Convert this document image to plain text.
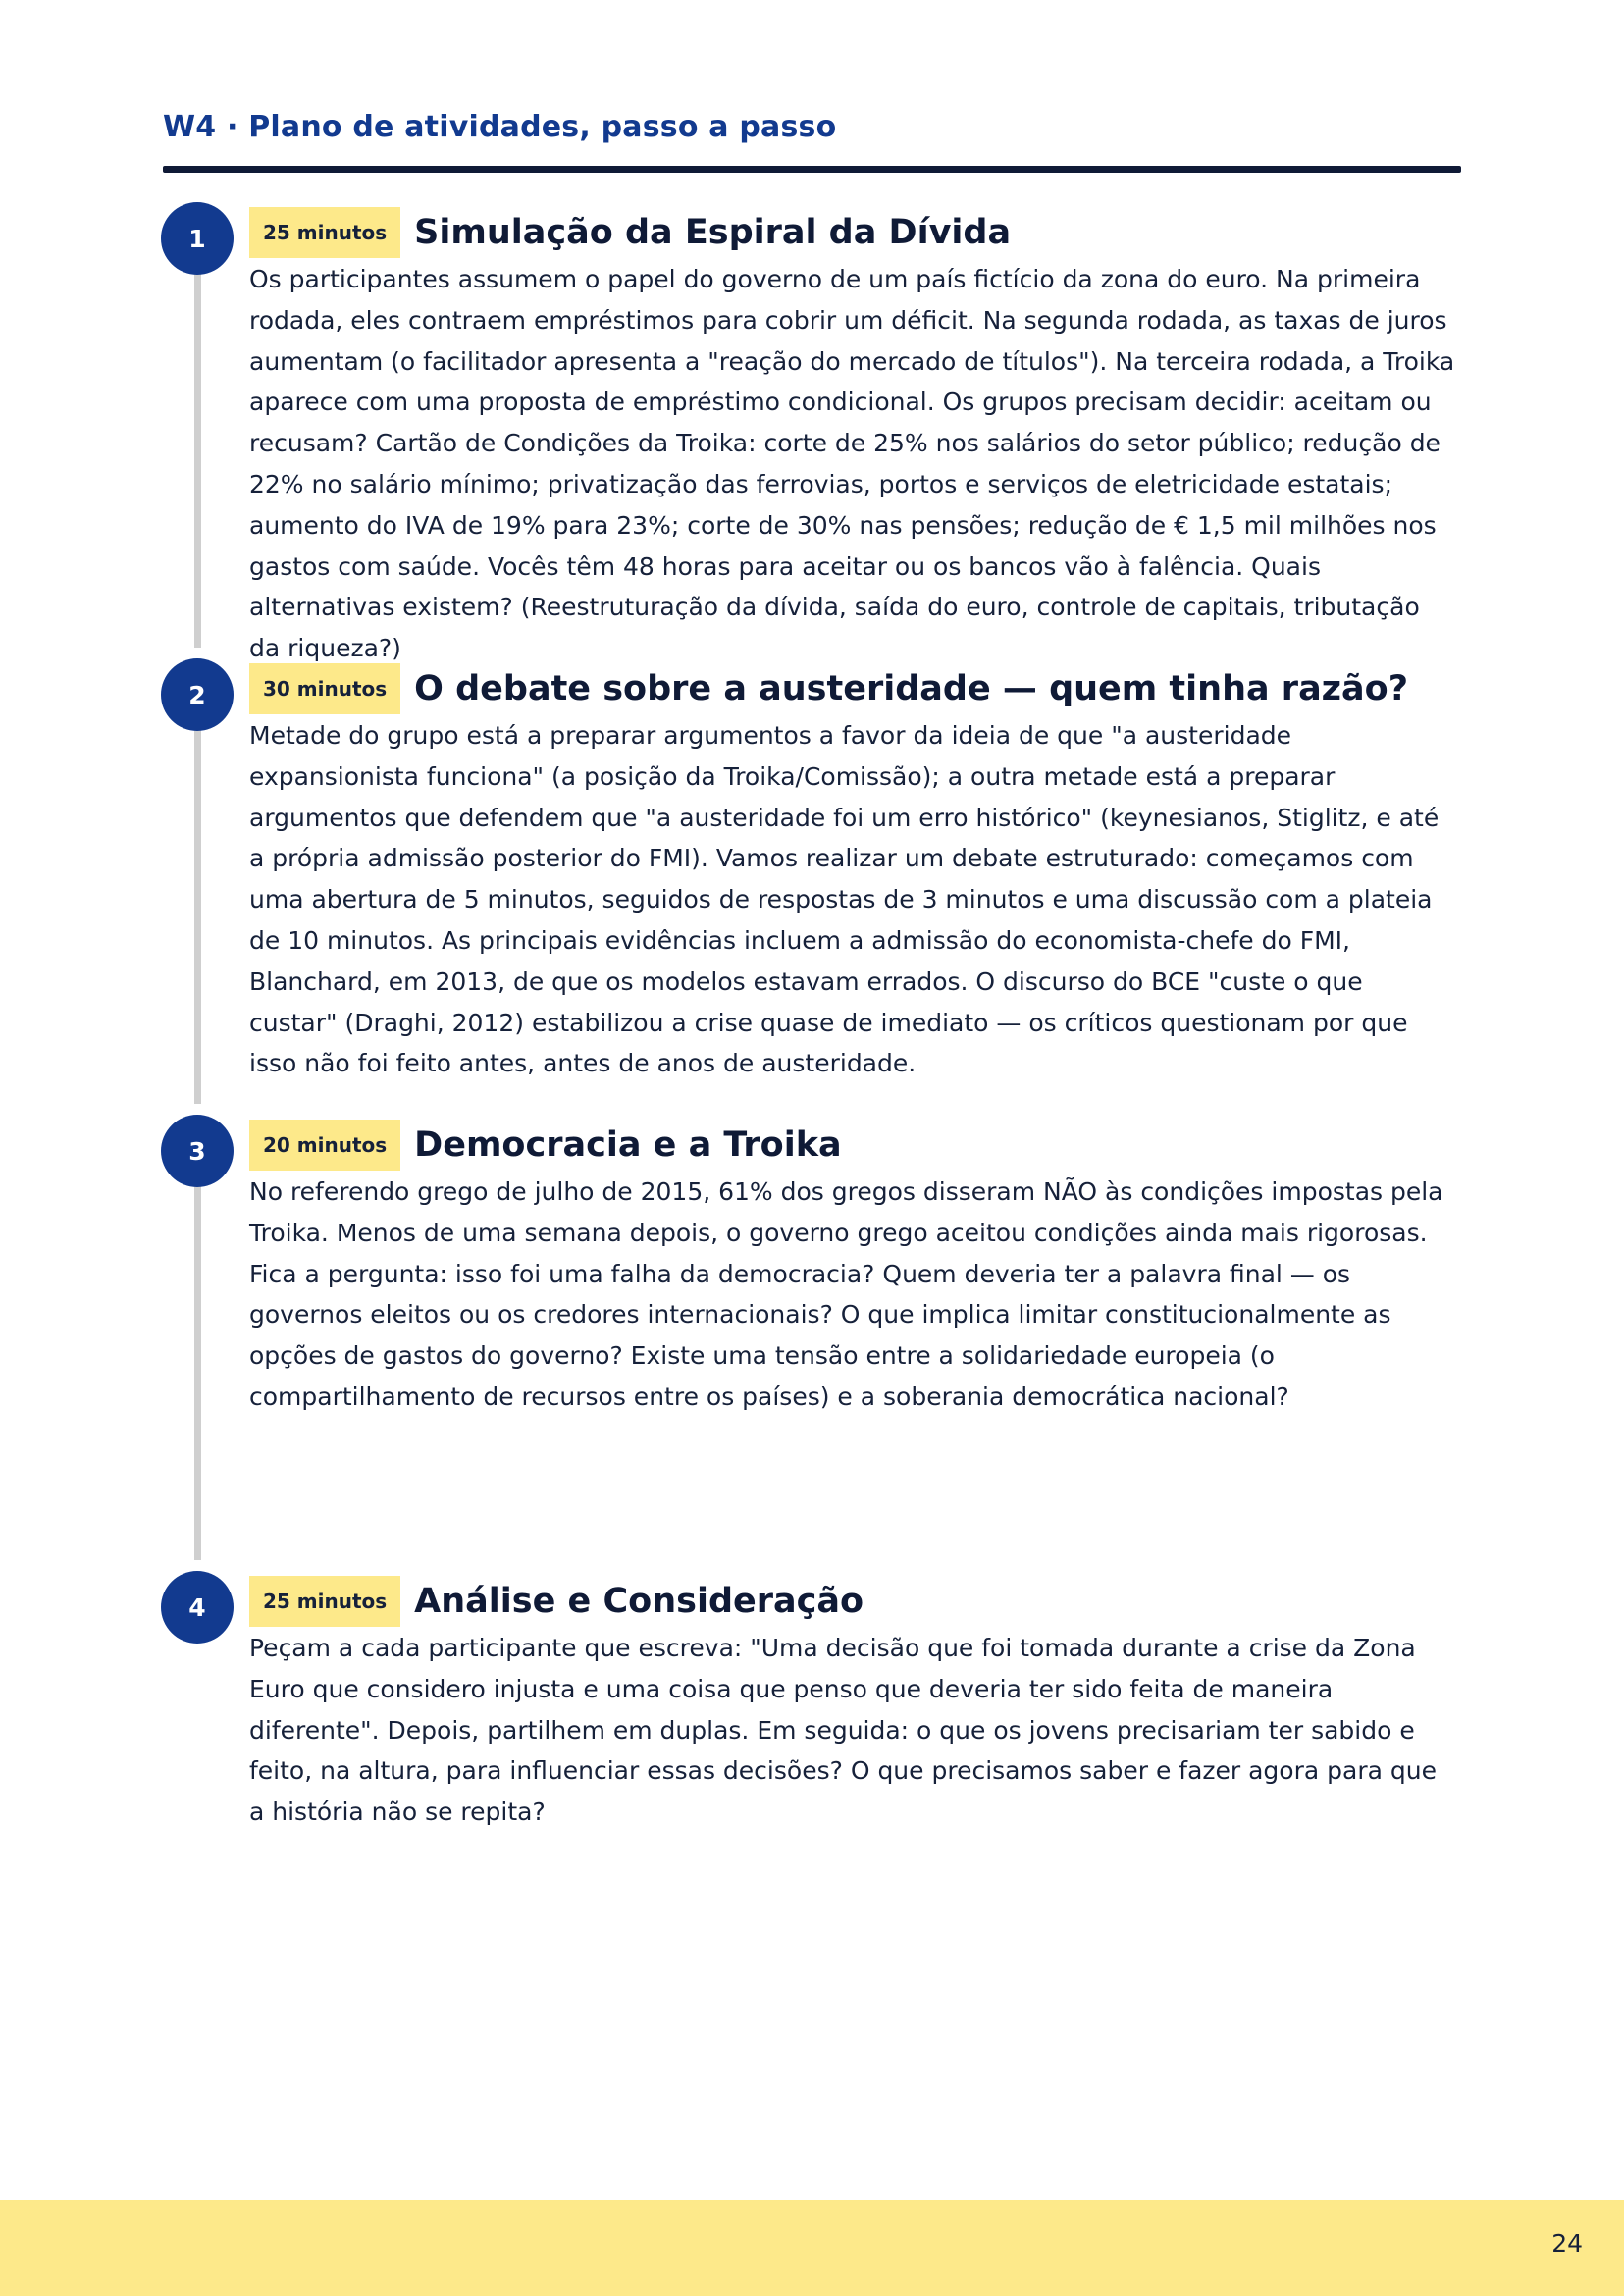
W4 · Plano de atividades, passo a passo
1	25 minutos Simulação da Espiral da Dívida
Os participantes assumem o papel do governo de um país fictício da zona do euro. Na primeira rodada, eles contraem empréstimos para cobrir um déficit. Na segunda rodada, as taxas de juros aumentam (o facilitador apresenta a "reação do mercado de títulos"). Na terceira rodada, a Troika aparece com uma proposta de empréstimo condicional. Os grupos precisam decidir: aceitam ou recusam? Cartão de Condições da Troika: corte de 25% nos salários do setor público; redução de 22% no salário mínimo; privatização das ferrovias, portos e serviços de eletricidade estatais; aumento do IVA de 19% para 23%; corte de 30% nas pensões; redução de € 1,5 mil milhões nos gastos com saúde. Vocês têm 48 horas para aceitar ou os bancos vão à falência. Quais alternativas existem? (Reestruturação da dívida, saída do euro, controle de capitais, tributação da riqueza?)
2	30 minutos O debate sobre a austeridade — quem tinha razão?
Metade do grupo está a preparar argumentos a favor da ideia de que "a austeridade expansionista funciona" (a posição da Troika/Comissão); a outra metade está a preparar argumentos que defendem que "a austeridade foi um erro histórico" (keynesianos, Stiglitz, e até a própria admissão posterior do FMI). Vamos realizar um debate estruturado: começamos com uma abertura de 5 minutos, seguidos de respostas de 3 minutos e uma discussão com a plateia de 10 minutos. As principais evidências incluem a admissão do economista-chefe do FMI, Blanchard, em 2013, de que os modelos estavam errados. O discurso do BCE "custe o que custar" (Draghi, 2012) estabilizou a crise quase de imediato — os críticos questionam por que isso não foi feito antes, antes de anos de austeridade.
3	20 minutos Democracia e a Troika
No referendo grego de julho de 2015, 61% dos gregos disseram NÃO às condições impostas pela Troika. Menos de uma semana depois, o governo grego aceitou condições ainda mais rigorosas. Fica a pergunta: isso foi uma falha da democracia? Quem deveria ter a palavra final — os governos eleitos ou os credores internacionais? O que implica limitar constitucionalmente as opções de gastos do governo? Existe uma tensão entre a solidariedade europeia (o compartilhamento de recursos entre os países) e a soberania democrática nacional?
4	25 minutos Análise e Consideração
Peçam a cada participante que escreva: "Uma decisão que foi tomada durante a crise da Zona Euro que considero injusta e uma coisa que penso que deveria ter sido feita de maneira diferente". Depois, partilhem em duplas. Em seguida: o que os jovens precisariam ter sabido e feito, na altura, para influenciar essas decisões? O que precisamos saber e fazer agora para que a história não se repita?
24
